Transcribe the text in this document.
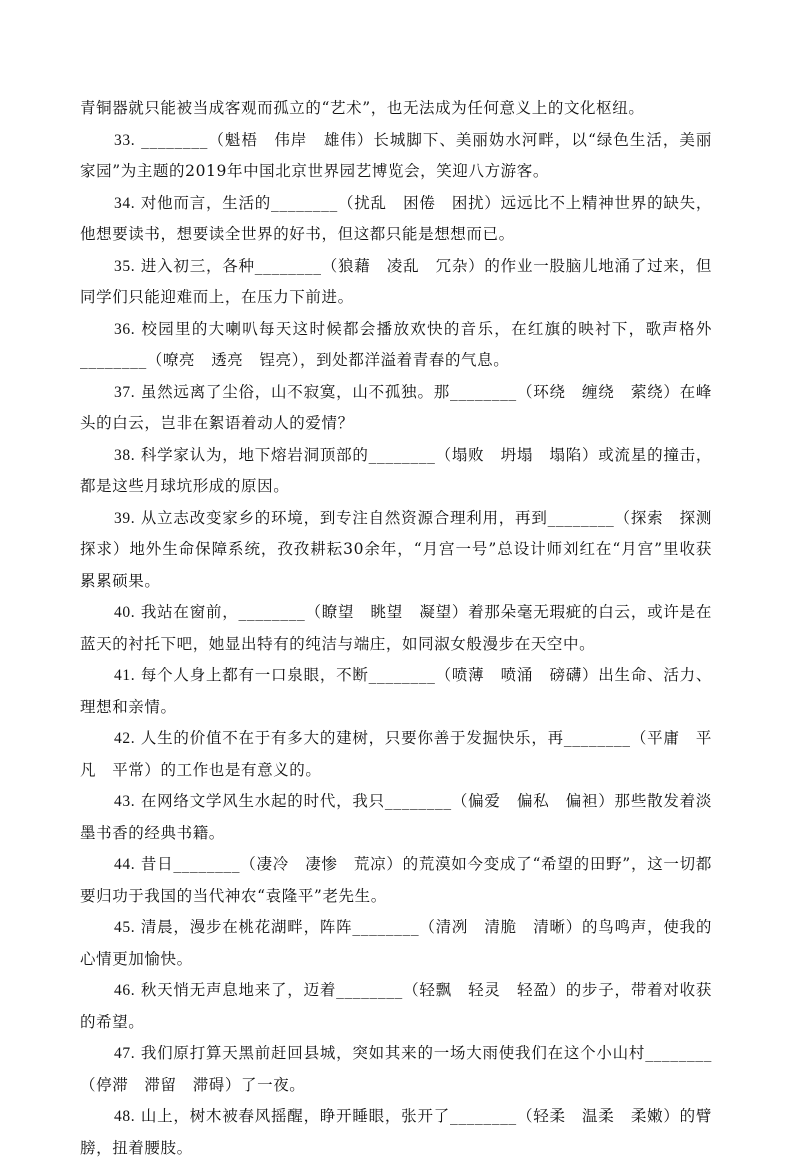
青铜器就只能被当成客观而孤立的“艺术”，也无法成为任何意义上的文化枢纽。

33. ________（魁梧　伟岸　雄伟）长城脚下、美丽妫水河畔，以“绿色生活，美丽家园”为主题的2019年中国北京世界园艺博览会，笑迎八方游客。

34. 对他而言，生活的________（扰乱　困倦　困扰）远远比不上精神世界的缺失，他想要读书，想要读全世界的好书，但这都只能是想想而已。

35. 进入初三，各种________（狼藉　凌乱　冗杂）的作业一股脑儿地涌了过来，但同学们只能迎难而上，在压力下前进。

36. 校园里的大喇叭每天这时候都会播放欢快的音乐，在红旗的映衬下，歌声格外________（嘹亮　透亮　锃亮），到处都洋溢着青春的气息。

37. 虽然远离了尘俗，山不寂寞，山不孤独。那________（环绕　缠绕　萦绕）在峰头的白云，岂非在絮语着动人的爱情？

38. 科学家认为，地下熔岩洞顶部的________（塌败　坍塌　塌陷）或流星的撞击，都是这些月球坑形成的原因。

39. 从立志改变家乡的环境，到专注自然资源合理利用，再到________（探索　探测　探求）地外生命保障系统，孜孜耕耘30余年，“月宫一号”总设计师刘红在“月宫”里收获累累硕果。

40. 我站在窗前，________（瞭望　眺望　凝望）着那朵毫无瑕疵的白云，或许是在蓝天的衬托下吧，她显出特有的纯洁与端庄，如同淑女般漫步在天空中。

41. 每个人身上都有一口泉眼，不断________（喷薄　喷涌　磅礴）出生命、活力、理想和亲情。

42. 人生的价值不在于有多大的建树，只要你善于发掘快乐，再________（平庸　平凡　平常）的工作也是有意义的。

43. 在网络文学风生水起的时代，我只________（偏爱　偏私　偏袒）那些散发着淡墨书香的经典书籍。

44. 昔日________（凄冷　凄惨　荒凉）的荒漠如今变成了“希望的田野”，这一切都要归功于我国的当代神农“袁隆平”老先生。

45. 清晨，漫步在桃花湖畔，阵阵________（清冽　清脆　清晰）的鸟鸣声，使我的心情更加愉快。

46. 秋天悄无声息地来了，迈着________（轻飘　轻灵　轻盈）的步子，带着对收获的希望。

47. 我们原打算天黑前赶回县城，突如其来的一场大雨使我们在这个小山村________（停滞　滞留　滞碍）了一夜。

48. 山上，树木被春风摇醒，睁开睡眼，张开了________（轻柔　温柔　柔嫩）的臂膀，扭着腰肢。
